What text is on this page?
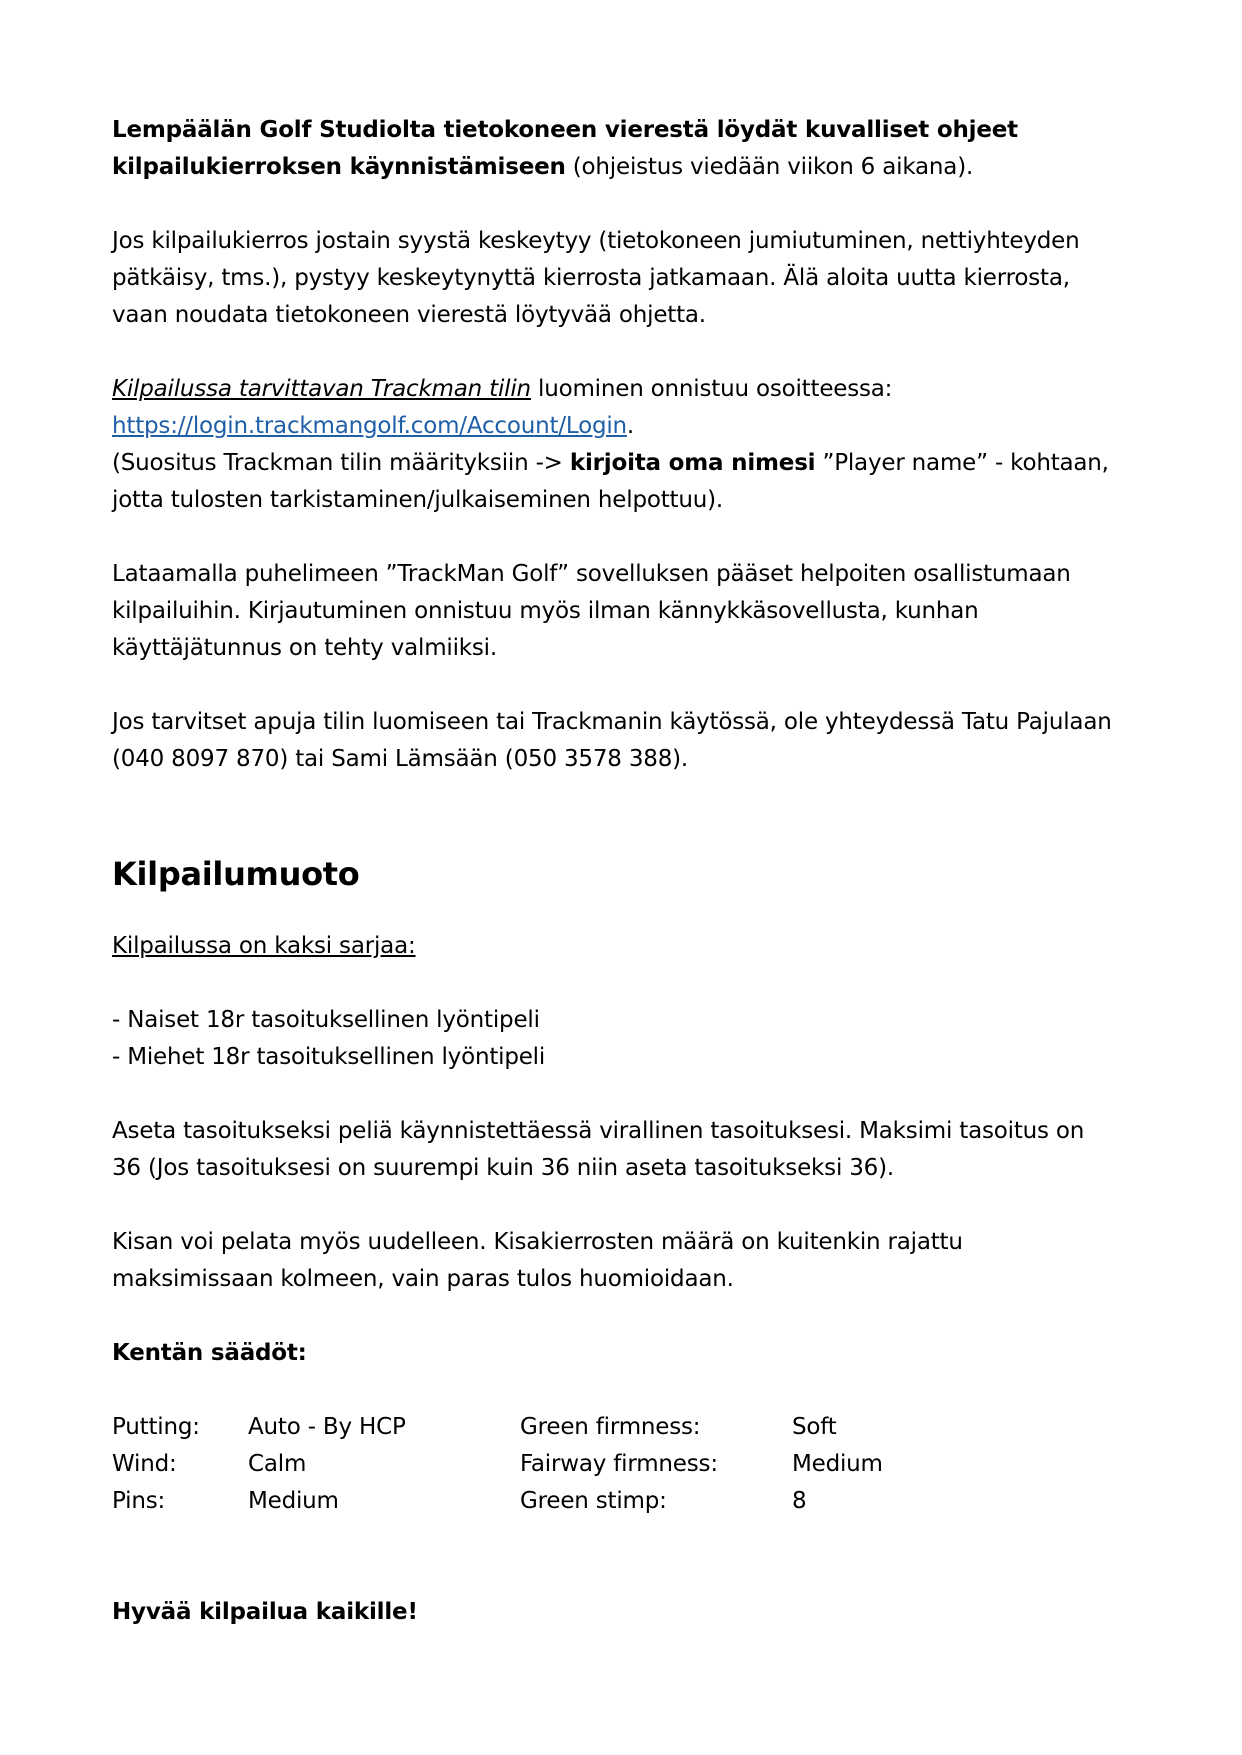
Lempäälän Golf Studiolta tietokoneen vierestä löydät kuvalliset ohjeet kilpailukierroksen käynnistämiseen (ohjeistus viedään viikon 6 aikana).

Jos kilpailukierros jostain syystä keskeytyy (tietokoneen jumiutuminen, nettiyhteyden pätkäisy, tms.), pystyy keskeytynyttä kierrosta jatkamaan. Älä aloita uutta kierrosta, vaan noudata tietokoneen vierestä löytyvää ohjetta.

Kilpailussa tarvittavan Trackman tilin luominen onnistuu osoitteessa:

https://login.trackmangolf.com/Account/Login.

(Suositus Trackman tilin määrityksiin -> kirjoita oma nimesi ”Player name” - kohtaan, jotta tulosten tarkistaminen/julkaiseminen helpottuu).

Lataamalla puhelimeen ”TrackMan Golf” sovelluksen pääset helpoiten osallistumaan kilpailuihin. Kirjautuminen onnistuu myös ilman kännykkäsovellusta, kunhan käyttäjätunnus on tehty valmiiksi.

Jos tarvitset apuja tilin luomiseen tai Trackmanin käytössä, ole yhteydessä Tatu Pajulaan (040 8097 870) tai Sami Lämsään (050 3578 388).

Kilpailumuoto

Kilpailussa on kaksi sarjaa:

- Naiset 18r tasoituksellinen lyöntipeli

- Miehet 18r tasoituksellinen lyöntipeli

Aseta tasoitukseksi peliä käynnistettäessä virallinen tasoituksesi. Maksimi tasoitus on 36 (Jos tasoituksesi on suurempi kuin 36 niin aseta tasoitukseksi 36).

Kisan voi pelata myös uudelleen. Kisakierrosten määrä on kuitenkin rajattu maksimissaan kolmeen, vain paras tulos huomioidaan.

Kentän säädöt:

Putting:	Auto - By HCP	Green firmness:	Soft
Wind:	Calm	Fairway firmness:	Medium
Pins:	Medium	Green stimp:	8

Hyvää kilpailua kaikille!
